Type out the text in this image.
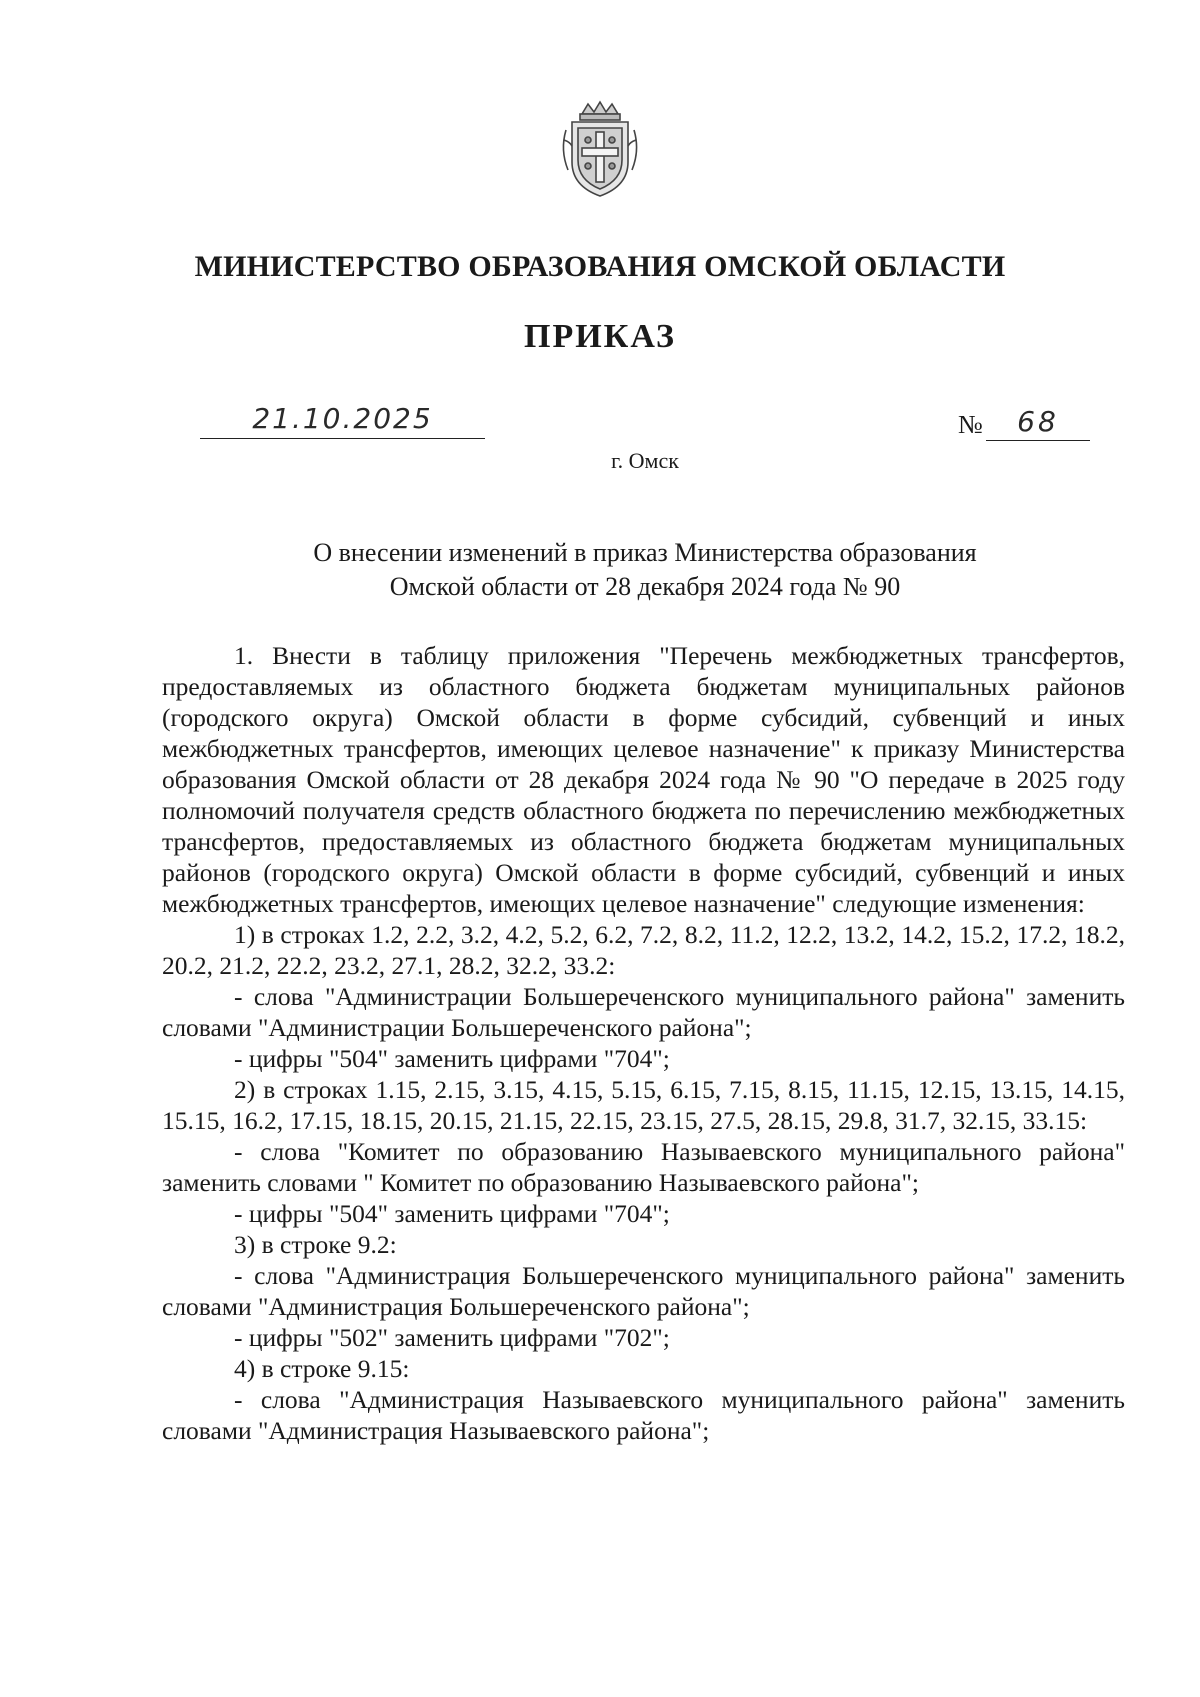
МИНИСТЕРСТВО ОБРАЗОВАНИЯ ОМСКОЙ ОБЛАСТИ
ПРИКАЗ
21.10.2025	№	68
г. Омск
О внесении изменений в приказ Министерства образования
Омской области от 28 декабря 2024 года № 90

1. Внести в таблицу приложения "Перечень межбюджетных трансфертов, предоставляемых из областного бюджета бюджетам муниципальных районов (городского округа) Омской области в форме субсидий, субвенций и иных межбюджетных трансфертов, имеющих целевое назначение" к приказу Министерства образования Омской области от 28 декабря 2024 года № 90 "О передаче в 2025 году полномочий получателя средств областного бюджета по перечислению межбюджетных трансфертов, предоставляемых из областного бюджета бюджетам муниципальных районов (городского округа) Омской области в форме субсидий, субвенций и иных межбюджетных трансфертов, имеющих целевое назначение" следующие изменения:

1) в строках 1.2, 2.2, 3.2, 4.2, 5.2, 6.2, 7.2, 8.2, 11.2, 12.2, 13.2, 14.2, 15.2, 17.2, 18.2, 20.2, 21.2, 22.2, 23.2, 27.1, 28.2, 32.2, 33.2:

- слова "Администрации Большереченского муниципального района" заменить словами "Администрации Большереченского района";

- цифры "504" заменить цифрами "704";

2) в строках 1.15, 2.15, 3.15, 4.15, 5.15, 6.15, 7.15, 8.15, 11.15, 12.15, 13.15, 14.15, 15.15, 16.2, 17.15, 18.15, 20.15, 21.15, 22.15, 23.15, 27.5, 28.15, 29.8, 31.7, 32.15, 33.15:

- слова "Комитет по образованию Называевского муниципального района" заменить словами " Комитет по образованию Называевского района";

- цифры "504" заменить цифрами "704";

3) в строке 9.2:

- слова "Администрация Большереченского муниципального района" заменить словами "Администрация Большереченского района";

- цифры "502" заменить цифрами "702";

4) в строке 9.15:

- слова "Администрация Называевского муниципального района" заменить словами "Администрация Называевского района";
